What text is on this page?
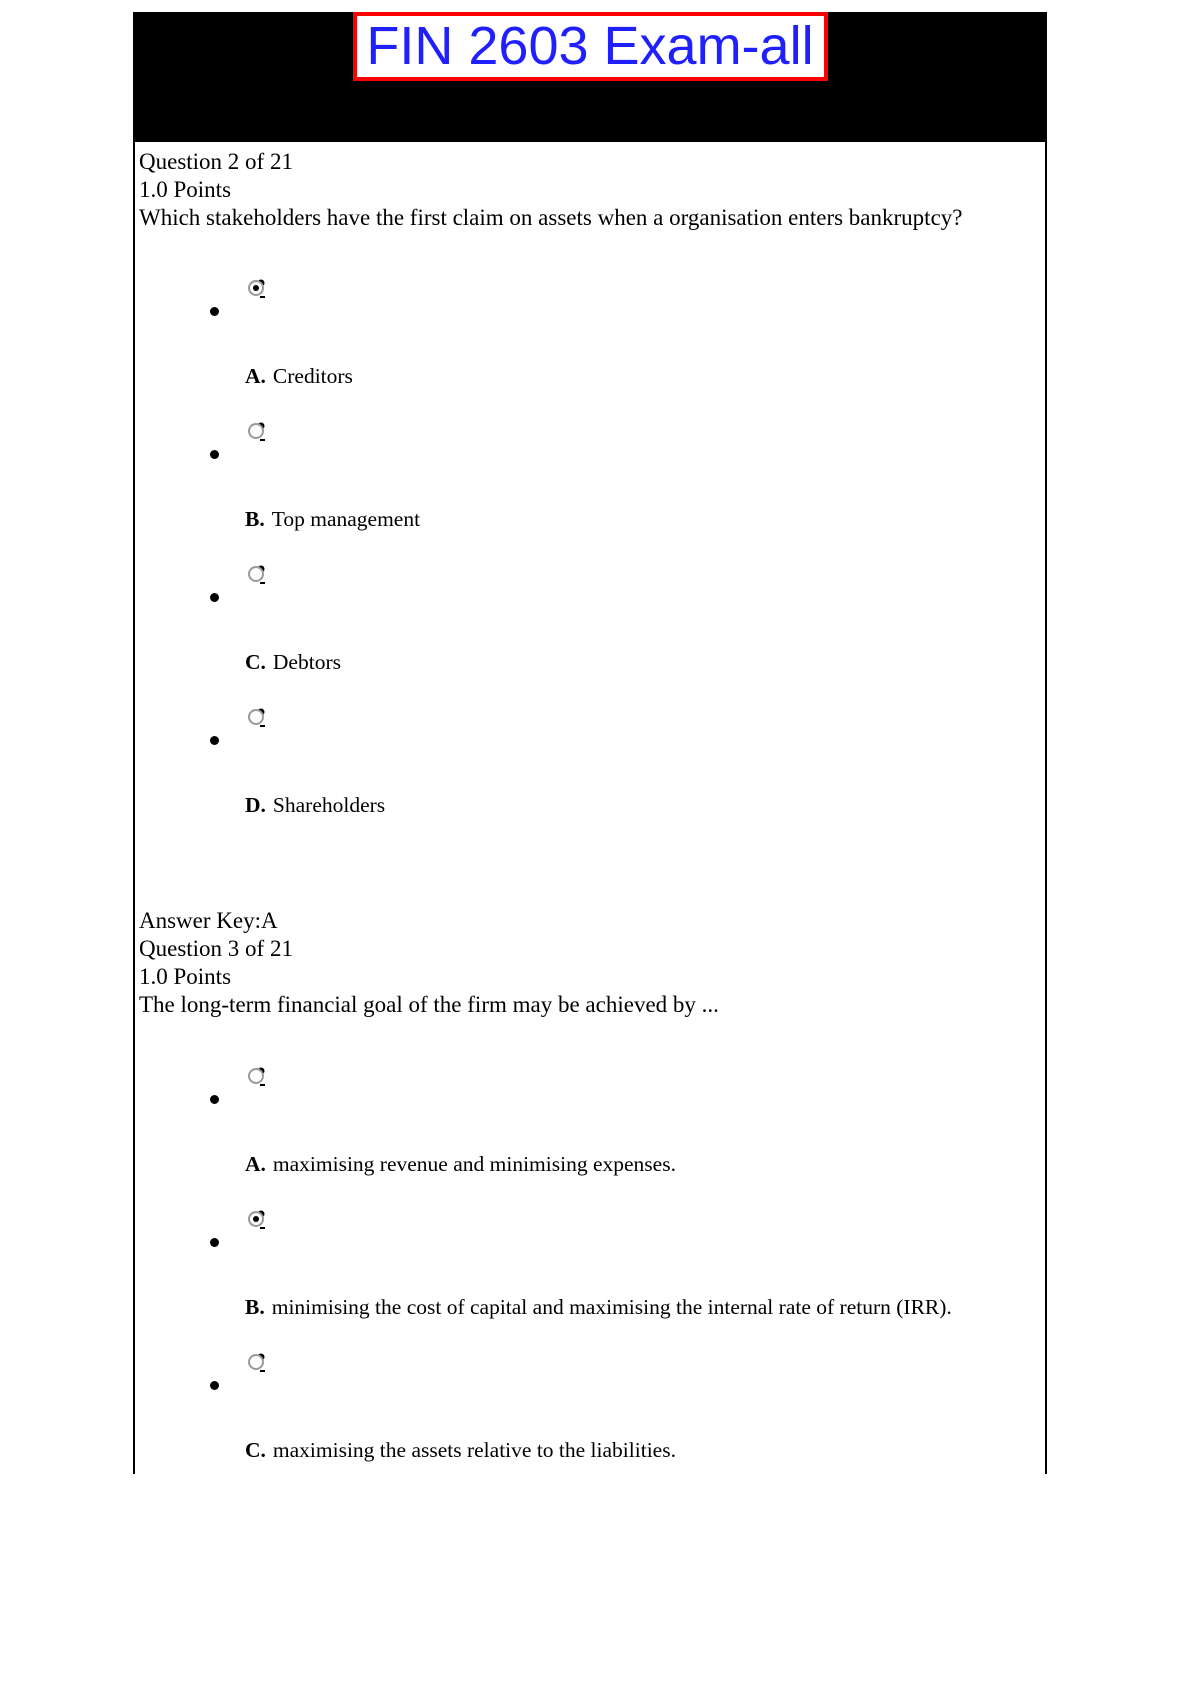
FIN 2603 Exam-all
Question 2 of 21
1.0 Points
Which stakeholders have the first claim on assets when a organisation enters bankruptcy?
A. Creditors
B. Top management
C. Debtors
D. Shareholders
Answer Key:A
Question 3 of 21
1.0 Points
The long-term financial goal of the firm may be achieved by ...
A. maximising revenue and minimising expenses.
B. minimising the cost of capital and maximising the internal rate of return (IRR).
C. maximising the assets relative to the liabilities.
